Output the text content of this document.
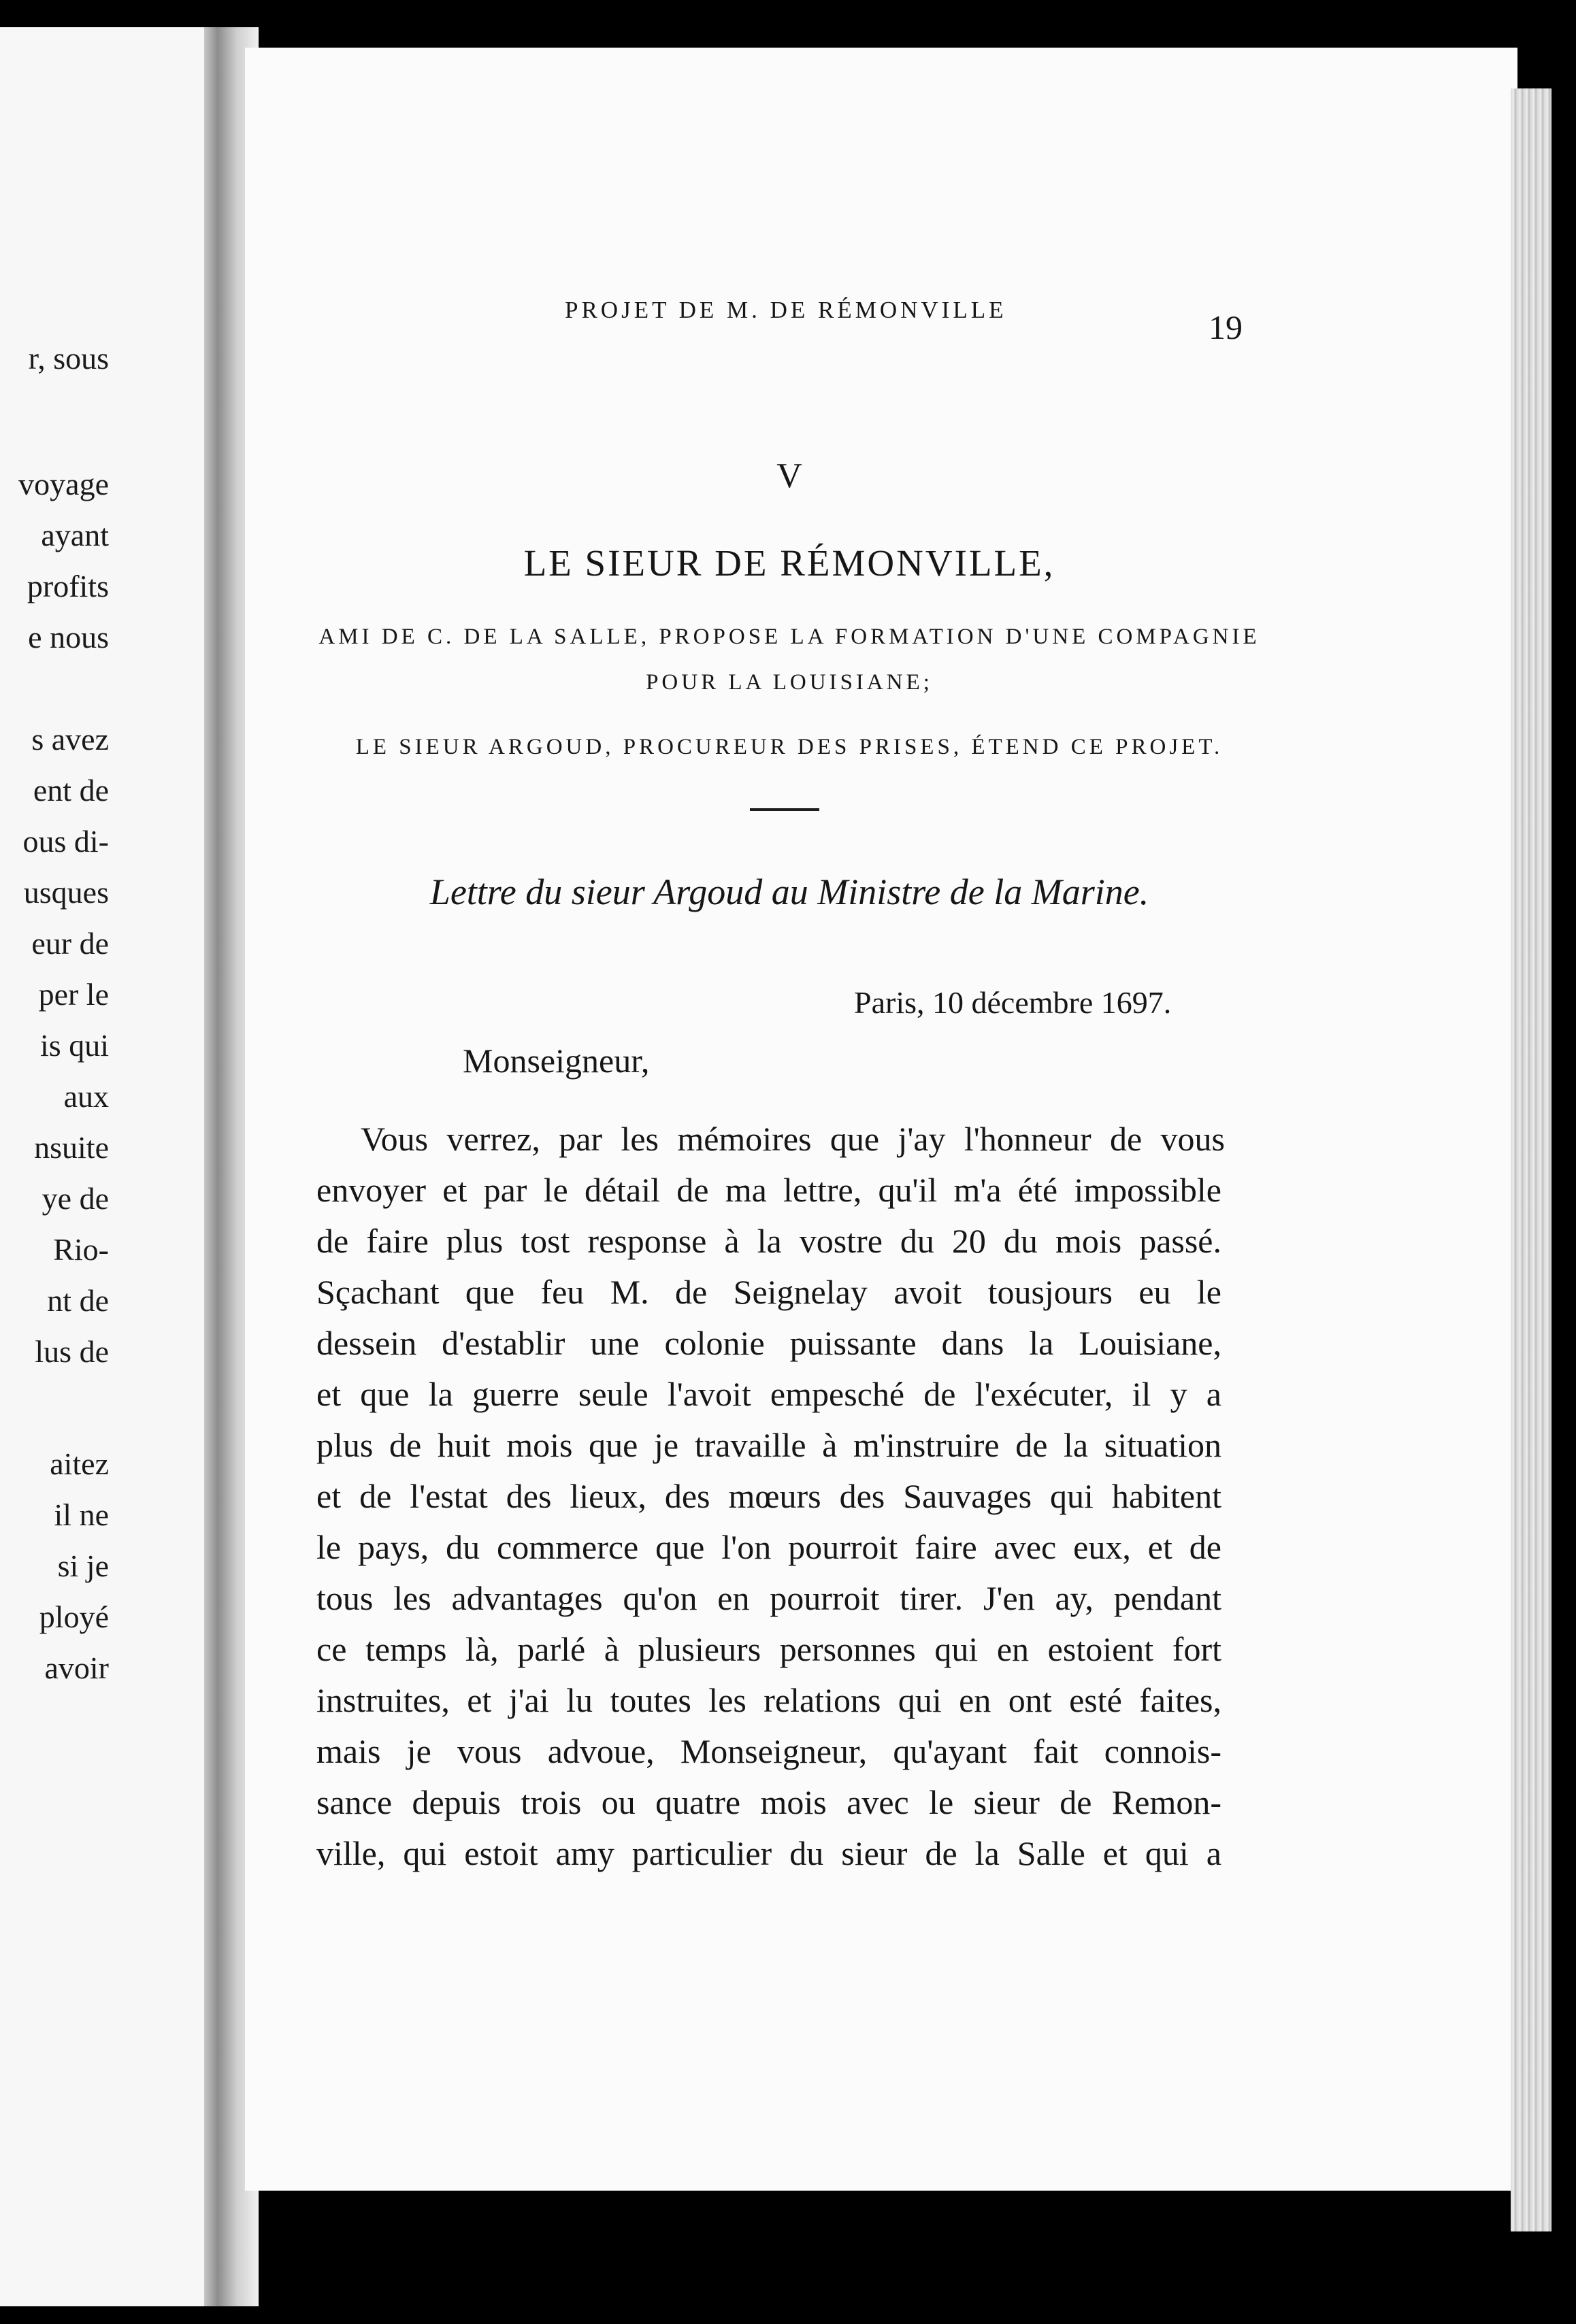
r, sous
voyage
ayant
profits
e nous
s avez
ent de
ous di-
usques
eur de
per le
is qui
aux
nsuite
ye de
Rio-
nt de
lus de
aitez
il ne
si je
ployé
avoir
PROJET DE M. DE RÉMONVILLE	19
V
LE SIEUR DE RÉMONVILLE,
AMI DE C. DE LA SALLE, PROPOSE LA FORMATION D'UNE COMPAGNIE
POUR LA LOUISIANE;
LE SIEUR ARGOUD, PROCUREUR DES PRISES, ÉTEND CE PROJET.
Lettre du sieur Argoud au Ministre de la Marine.
Paris, 10 décembre 1697.
Monseigneur,
Vous verrez, par les mémoires que j'ay l'honneur de vous
envoyer et par le détail de ma lettre, qu'il m'a été impossible
de faire plus tost response à la vostre du 20 du mois passé.
Sçachant que feu M. de Seignelay avoit tousjours eu le
dessein d'establir une colonie puissante dans la Louisiane,
et que la guerre seule l'avoit empesché de l'exécuter, il y a
plus de huit mois que je travaille à m'instruire de la situation
et de l'estat des lieux, des mœurs des Sauvages qui habitent
le pays, du commerce que l'on pourroit faire avec eux, et de
tous les advantages qu'on en pourroit tirer. J'en ay, pendant
ce temps là, parlé à plusieurs personnes qui en estoient fort
instruites, et j'ai lu toutes les relations qui en ont esté faites,
mais je vous advoue, Monseigneur, qu'ayant fait connois-
sance depuis trois ou quatre mois avec le sieur de Remon-
ville, qui estoit amy particulier du sieur de la Salle et qui a
